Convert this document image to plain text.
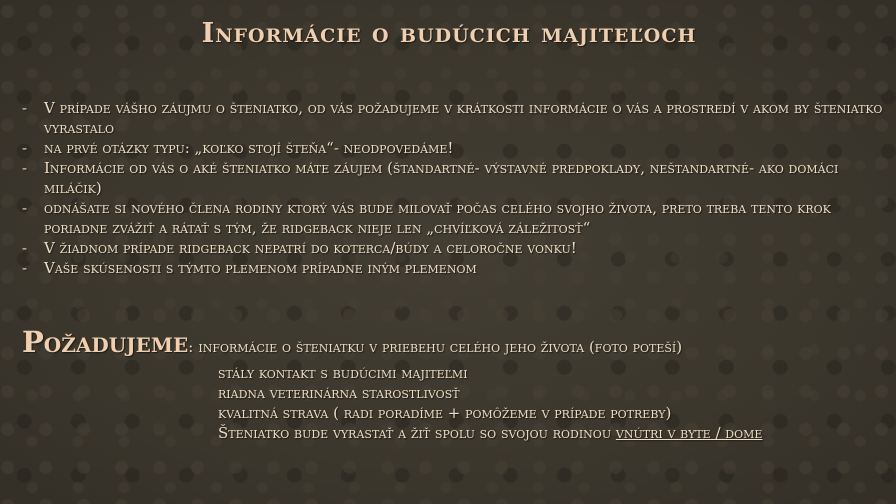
Informácie o budúcich majiteľoch
- V prípade vášho záujmu o šteniatko, od vás požadujeme v krátkosti informácie o vás a prostredí v akom by šteniatko vyrastalo
- na prvé otázky typu: „koľko stojí šteňa“- neodpovedáme!
- Informácie od vás o aké šteniatko máte záujem (štandartné- výstavné predpoklady, neštandartné- ako domáci miláčik)
- odnášate si nového člena rodiny ktorý vás bude milovať počas celého svojho života, preto treba tento krok poriadne zvážiť a rátať s tým, že ridgeback nieje len „chvíľková záležitosť“
- V žiadnom prípade ridgeback nepatrí do koterca/búdy a celoročne vonku!
- Vaše skúsenosti s týmto plemenom prípadne iným plemenom
Požadujeme: informácie o šteniatku v priebehu celého jeho života (foto poteší)
stály kontakt s budúcimi majiteľmi
riadna veterinárna starostlivosť
kvalitná strava ( radi poradíme + pomôžeme v prípade potreby)
Šteniatko bude vyrastať a žiť spolu so svojou rodinou vnútri v byte / dome
